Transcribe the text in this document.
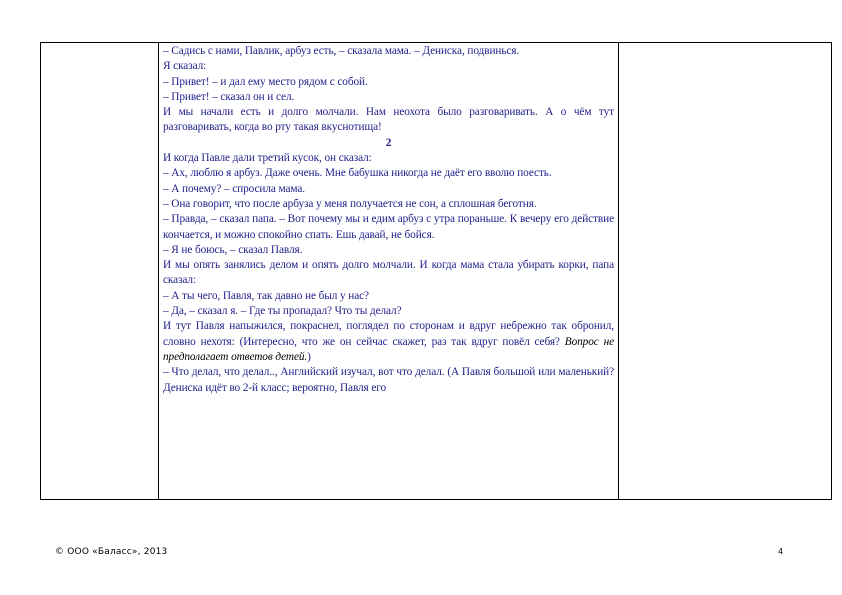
– Садись с нами, Павлик, арбуз есть, – сказала мама. – Дениска, подвинься.

Я сказал:

– Привет! – и дал ему место рядом с собой.

– Привет! – сказал он и сел.

И мы начали есть и долго молчали. Нам неохота было разговаривать. А о чём тут разговаривать, когда во рту такая вкуснотища!

2

И когда Павле дали третий кусок, он сказал:

– Ах, люблю я арбуз. Даже очень. Мне бабушка никогда не даёт его вволю поесть.

– А почему? – спросила мама.

– Она говорит, что после арбуза у меня получается не сон, а сплошная беготня.

– Правда, – сказал папа. – Вот почему мы и едим арбуз с утра пораньше. К вечеру его действие кончается, и можно спокойно спать. Ешь давай, не бойся.

– Я не боюсь, – сказал Павля.

И мы опять занялись делом и опять долго молчали. И когда мама стала убирать корки, папа сказал:

– А ты чего, Павля, так давно не был у нас?

– Да, – сказал я. – Где ты пропадал? Что ты делал?

И тут Павля напыжился, покраснел, поглядел по сторонам и вдруг небрежно так обронил, словно нехотя: (Интересно, что же он сейчас скажет, раз так вдруг повёл себя? Вопрос не предполагает ответов детей.)

– Что делал, что делал.., Английский изучал, вот что делал. (А Павля большой или маленький? Дениска идёт во 2-й класс; вероятно, Павля его

© ООО «Баласс», 2013	4
